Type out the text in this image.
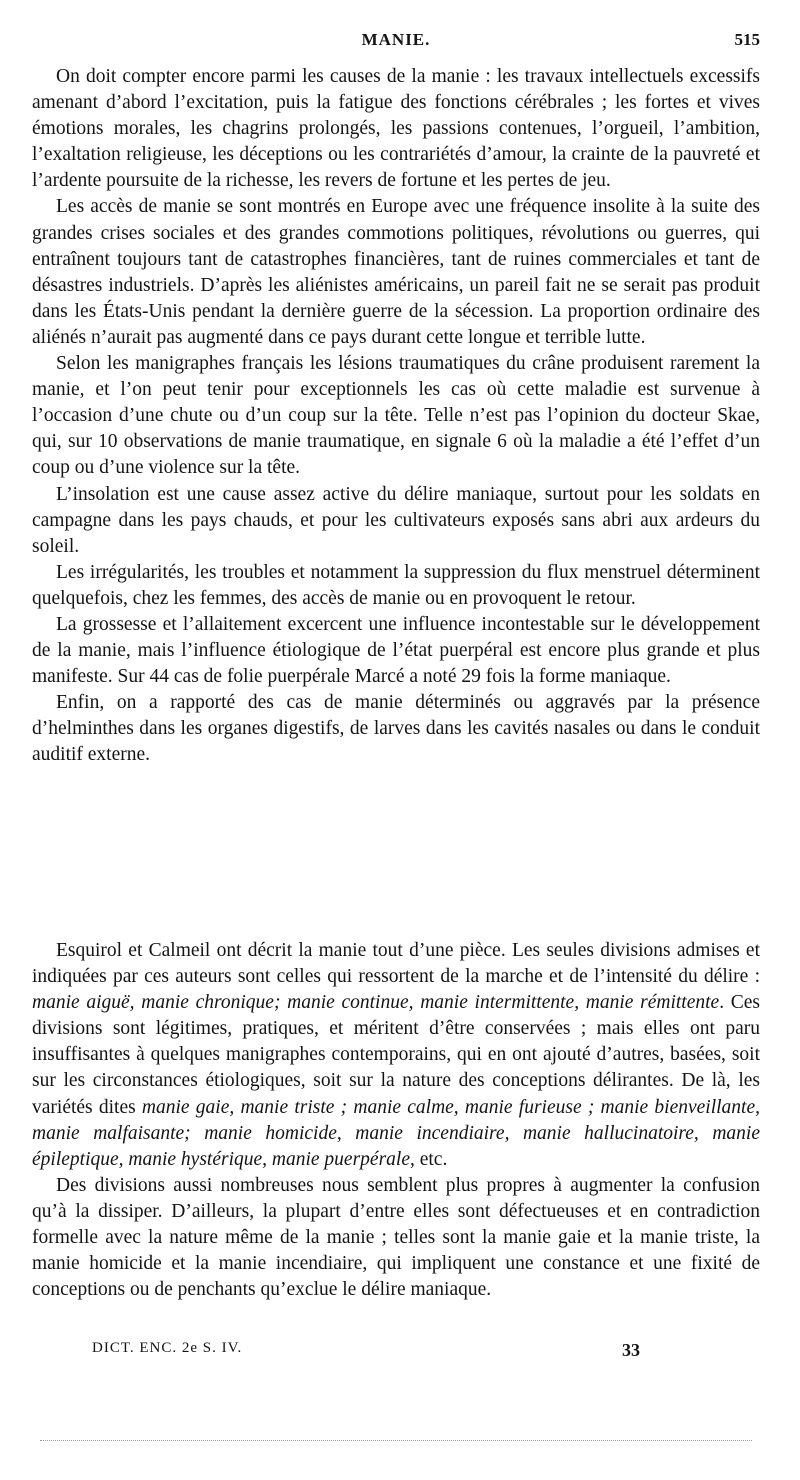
MANIE.	515

On doit compter encore parmi les causes de la manie : les travaux intellectuels excessifs amenant d’abord l’excitation, puis la fatigue des fonctions cérébrales ; les fortes et vives émotions morales, les chagrins prolongés, les passions contenues, l’orgueil, l’ambition, l’exaltation religieuse, les déceptions ou les contrariétés d’amour, la crainte de la pauvreté et l’ardente poursuite de la richesse, les revers de fortune et les pertes de jeu.

Les accès de manie se sont montrés en Europe avec une fréquence insolite à la suite des grandes crises sociales et des grandes commotions politiques, révolutions ou guerres, qui entraînent toujours tant de catastrophes financières, tant de ruines commerciales et tant de désastres industriels. D’après les aliénistes américains, un pareil fait ne se serait pas produit dans les États-Unis pendant la dernière guerre de la sécession. La proportion ordinaire des aliénés n’aurait pas augmenté dans ce pays durant cette longue et terrible lutte.

Selon les manigraphes français les lésions traumatiques du crâne produisent rarement la manie, et l’on peut tenir pour exceptionnels les cas où cette maladie est survenue à l’occasion d’une chute ou d’un coup sur la tête. Telle n’est pas l’opinion du docteur Skae, qui, sur 10 observations de manie traumatique, en signale 6 où la maladie a été l’effet d’un coup ou d’une violence sur la tête.

L’insolation est une cause assez active du délire maniaque, surtout pour les soldats en campagne dans les pays chauds, et pour les cultivateurs exposés sans abri aux ardeurs du soleil.

Les irrégularités, les troubles et notamment la suppression du flux menstruel déterminent quelquefois, chez les femmes, des accès de manie ou en provoquent le retour.

La grossesse et l’allaitement excercent une influence incontestable sur le développement de la manie, mais l’influence étiologique de l’état puerpéral est encore plus grande et plus manifeste. Sur 44 cas de folie puerpérale Marcé a noté 29 fois la forme maniaque.

Enfin, on a rapporté des cas de manie déterminés ou aggravés par la présence d’helminthes dans les organes digestifs, de larves dans les cavités nasales ou dans le conduit auditif externe.

Esquirol et Calmeil ont décrit la manie tout d’une pièce. Les seules divisions admises et indiquées par ces auteurs sont celles qui ressortent de la marche et de l’intensité du délire : manie aiguë, manie chronique; manie continue, manie intermittente, manie rémittente. Ces divisions sont légitimes, pratiques, et méritent d’être conservées ; mais elles ont paru insuffisantes à quelques manigraphes contemporains, qui en ont ajouté d’autres, basées, soit sur les circonstances étiologiques, soit sur la nature des conceptions délirantes. De là, les variétés dites manie gaie, manie triste ; manie calme, manie furieuse ; manie bienveillante, manie malfaisante; manie homicide, manie incendiaire, manie hallucinatoire, manie épileptique, manie hystérique, manie puerpérale, etc.

Des divisions aussi nombreuses nous semblent plus propres à augmenter la confusion qu’à la dissiper. D’ailleurs, la plupart d’entre elles sont défectueuses et en contradiction formelle avec la nature même de la manie ; telles sont la manie gaie et la manie triste, la manie homicide et la manie incendiaire, qui impliquent une constance et une fixité de conceptions ou de penchants qu’exclue le délire maniaque.

DICT. ENC. 2e S. IV.	33
